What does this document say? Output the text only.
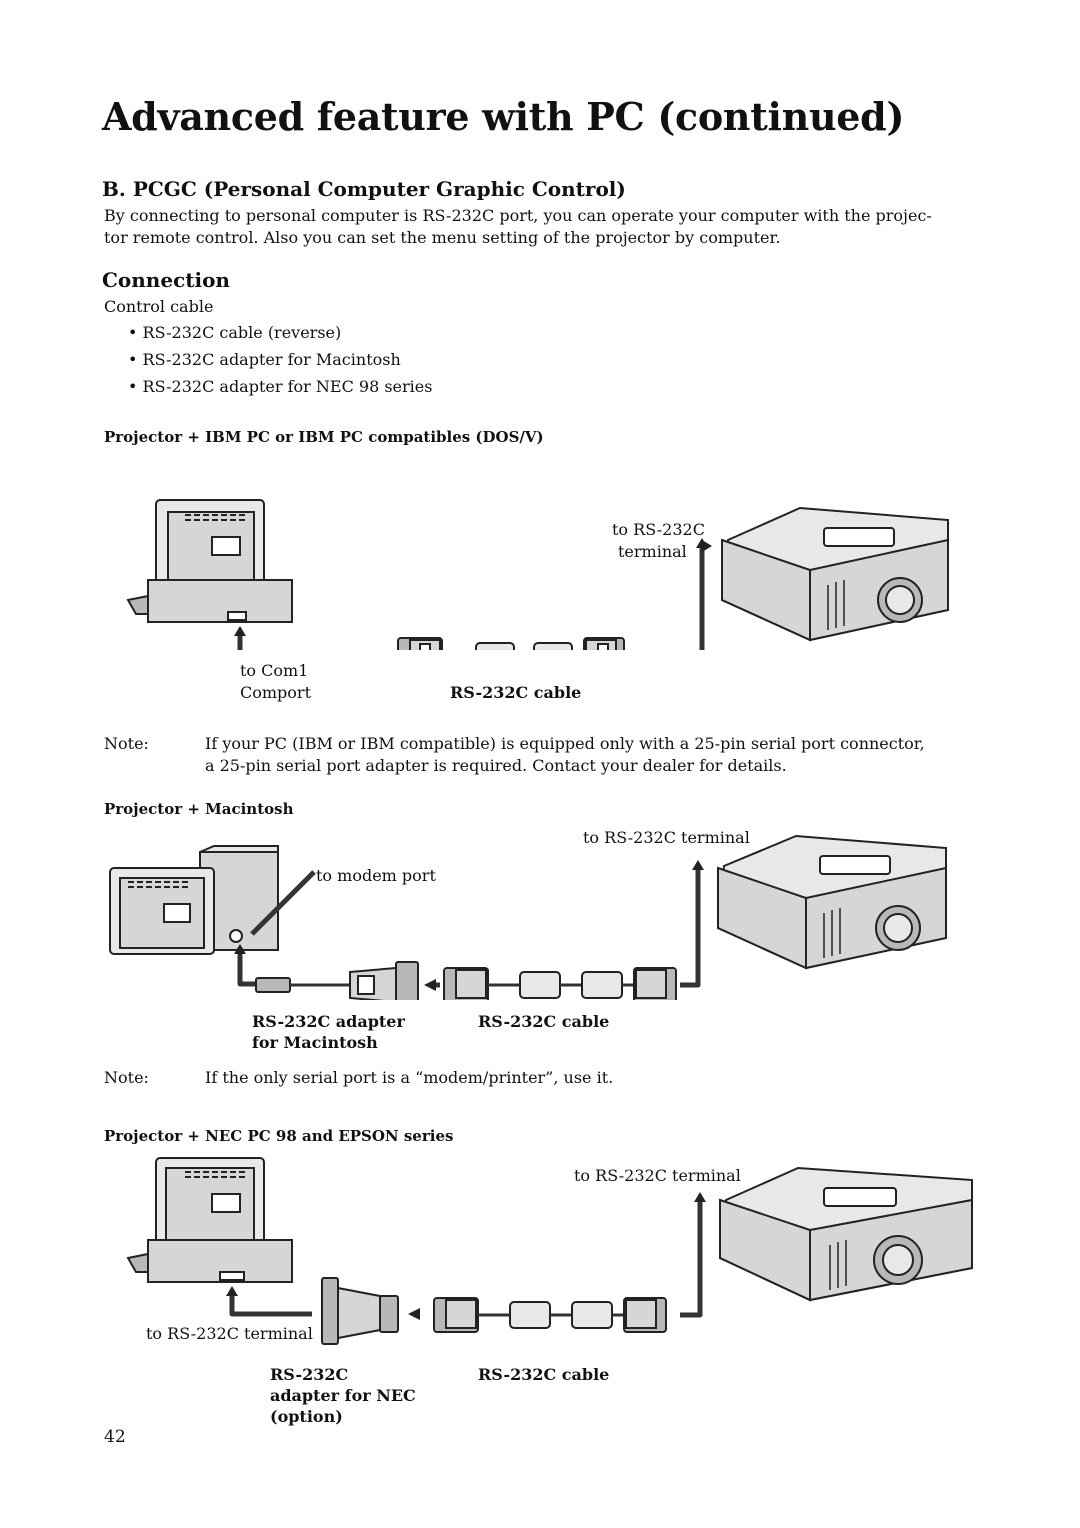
Advanced feature with PC (continued)
B. PCGC (Personal Computer Graphic Control)
By connecting to personal computer is RS-232C port, you can operate your computer with the projec-
tor remote control. Also you can set the menu setting of the projector by computer.
Connection
Control cable
• RS-232C cable (reverse)
• RS-232C adapter for Macintosh
• RS-232C adapter for NEC 98 series
Projector + IBM PC or IBM PC compatibles (DOS/V)
to RS-232C
terminal
to Com1
Comport	RS-232C cable
Note:	If your PC (IBM or IBM compatible) is equipped only with a 25-pin serial port connector,
a 25-pin serial port adapter is required. Contact your dealer for details.
Projector + Macintosh
to RS-232C terminal
to modem port
RS-232C adapter
for Macintosh
RS-232C cable
Note:	If the only serial port is a “modem/printer”, use it.
Projector + NEC PC 98 and EPSON series
to RS-232C terminal
to RS-232C terminal
RS-232C
adapter for NEC
(option)
RS-232C cable
42
